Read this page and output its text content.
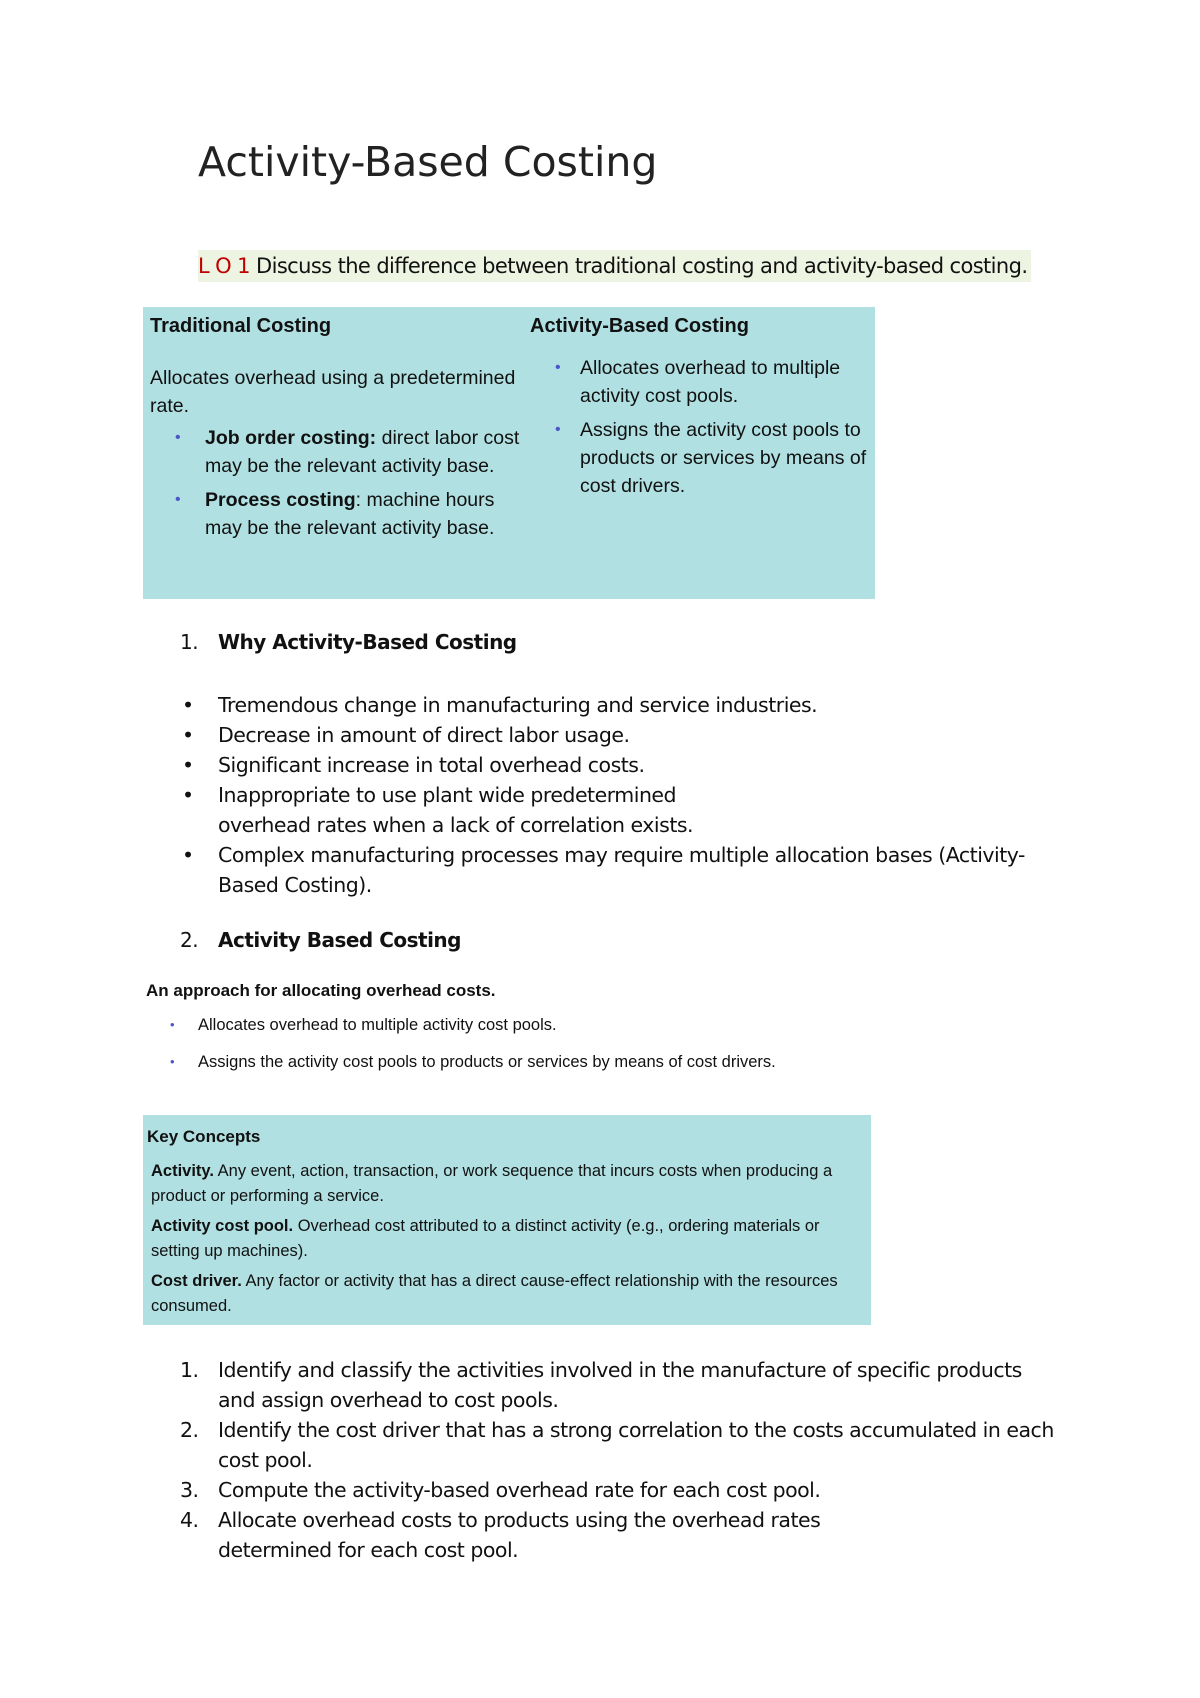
Activity-Based Costing
L O 1 Discuss the difference between traditional costing and activity-based costing.
Traditional Costing
Allocates overhead using a predetermined rate.
• Job order costing: direct labor cost may be the relevant activity base.
• Process costing: machine hours may be the relevant activity base.
Activity-Based Costing
• Allocates overhead to multiple activity cost pools.
• Assigns the activity cost pools to products or services by means of cost drivers.
1. Why Activity-Based Costing
• Tremendous change in manufacturing and service industries.
• Decrease in amount of direct labor usage.
• Significant increase in total overhead costs.
• Inappropriate to use plant wide predetermined overhead rates when a lack of correlation exists.
• Complex manufacturing processes may require multiple allocation bases (Activity-Based Costing).
2. Activity Based Costing
An approach for allocating overhead costs.
• Allocates overhead to multiple activity cost pools.
• Assigns the activity cost pools to products or services by means of cost drivers.
Key Concepts
Activity. Any event, action, transaction, or work sequence that incurs costs when producing a product or performing a service.
Activity cost pool. Overhead cost attributed to a distinct activity (e.g., ordering materials or setting up machines).
Cost driver. Any factor or activity that has a direct cause-effect relationship with the resources consumed.
1. Identify and classify the activities involved in the manufacture of specific products and assign overhead to cost pools.
2. Identify the cost driver that has a strong correlation to the costs accumulated in each cost pool.
3. Compute the activity-based overhead rate for each cost pool.
4. Allocate overhead costs to products using the overhead rates determined for each cost pool.
